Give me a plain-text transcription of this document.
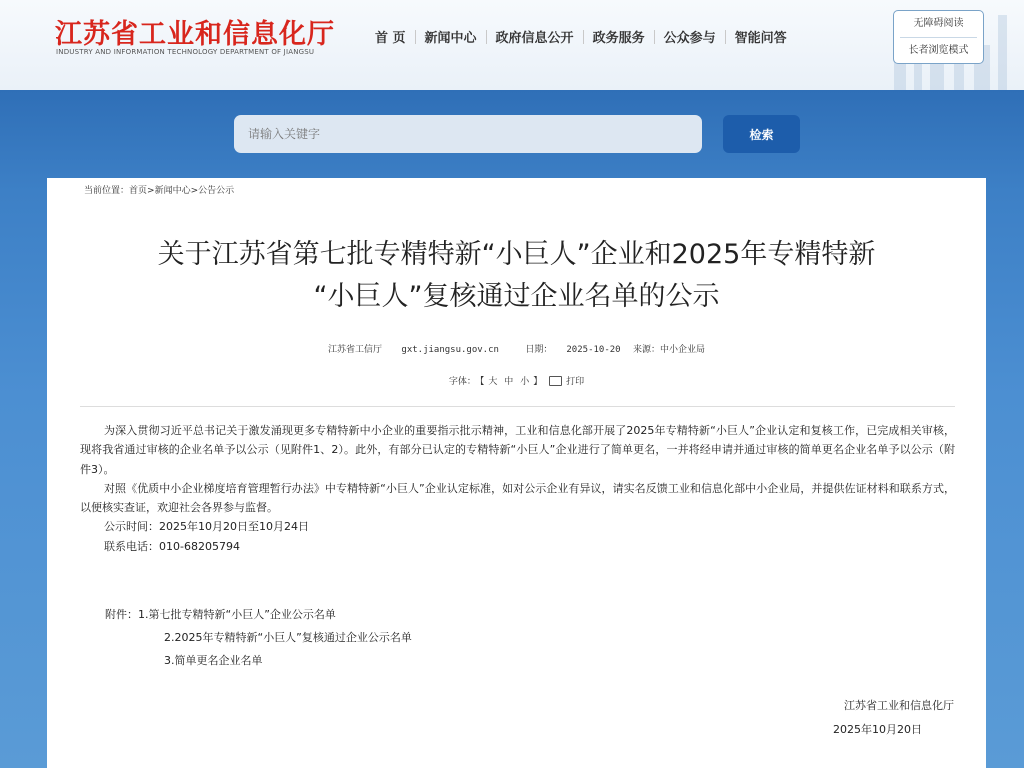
江苏省工业和信息化厅
INDUSTRY AND INFORMATION TECHNOLOGY DEPARTMENT OF JIANGSU
首 页	新闻中心	政府信息公开	政务服务	公众参与	智能问答
无障碍阅读
长者浏览模式
请输入关键字
检索
当前位置：首页>新闻中心>公告公示
关于江苏省第七批专精特新“小巨人”企业和2025年专精特新
“小巨人”复核通过企业名单的公示
江苏省工信厅 gxt.jiangsu.gov.cn	日期： 2025-10-20 来源：中小企业局
字体： 【 大 中 小 】	打印

为深入贯彻习近平总书记关于激发涌现更多专精特新中小企业的重要指示批示精神，工业和信息化部开展了2025年专精特新“小巨人”企业认定和复核工作，已完成相关审核，现将我省通过审核的企业名单予以公示（见附件1、2）。此外，有部分已认定的专精特新“小巨人”企业进行了简单更名，一并将经申请并通过审核的简单更名企业名单予以公示（附件3）。

对照《优质中小企业梯度培育管理暂行办法》中专精特新“小巨人”企业认定标准，如对公示企业有异议，请实名反馈工业和信息化部中小企业局，并提供佐证材料和联系方式，以便核实查证，欢迎社会各界参与监督。

公示时间：2025年10月20日至10月24日

联系电话：010-68205794

附件：1.第七批专精特新“小巨人”企业公示名单
2.2025年专精特新“小巨人”复核通过企业公示名单
3.简单更名企业名单
江苏省工业和信息化厅
2025年10月20日
